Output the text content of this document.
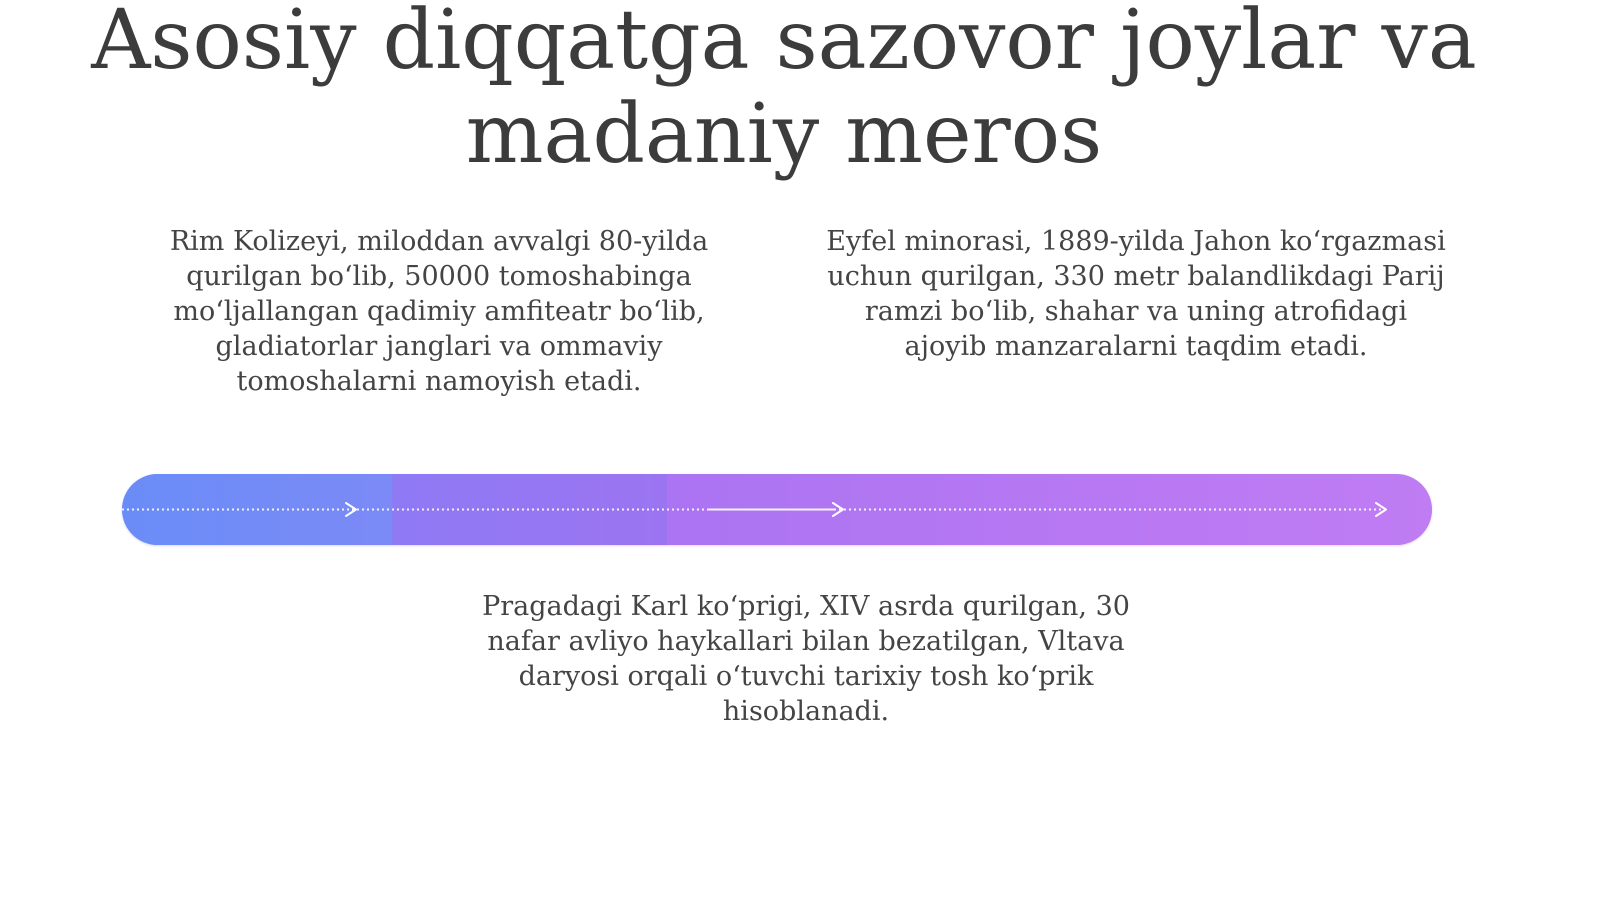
Asosiy diqqatga sazovor joylar va madaniy meros

Rim Kolizeyi, miloddan avvalgi 80-yilda qurilgan bo‘lib, 50000 tomoshabinga mo‘ljallangan qadimiy amfiteatr bo‘lib, gladiatorlar janglari va ommaviy tomoshalarni namoyish etadi.

Eyfel minorasi, 1889-yilda Jahon ko‘rgazmasi uchun qurilgan, 330 metr balandlikdagi Parij ramzi bo‘lib, shahar va uning atrofidagi ajoyib manzaralarni taqdim etadi.

Pragadagi Karl ko‘prigi, XIV asrda qurilgan, 30 nafar avliyo haykallari bilan bezatilgan, Vltava daryosi orqali o‘tuvchi tarixiy tosh ko‘prik hisoblanadi.
